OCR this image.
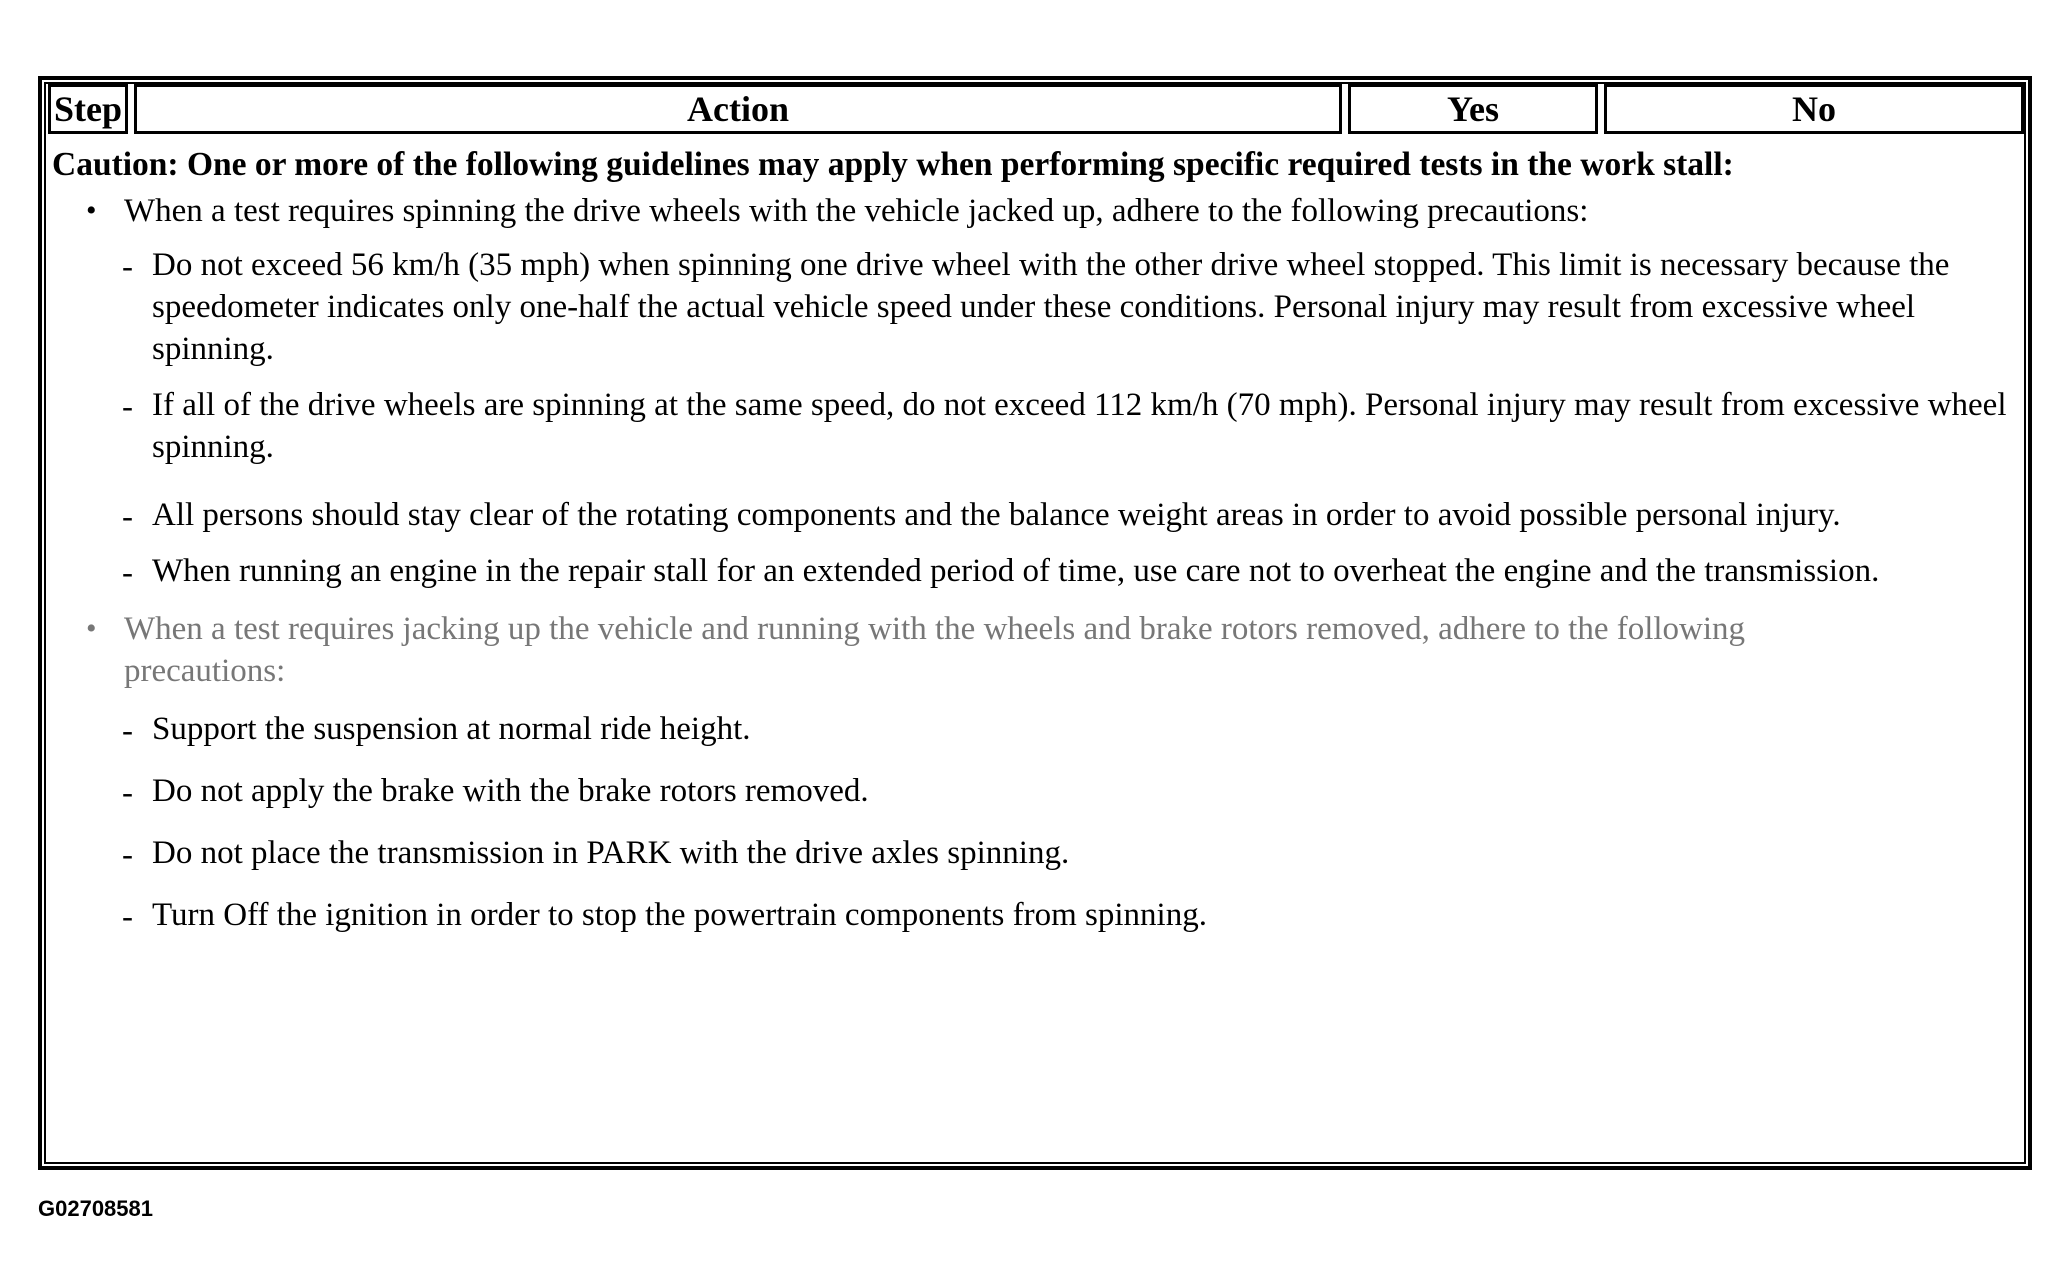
Step	Action	Yes	No
Caution: One or more of the following guidelines may apply when performing specific required tests in the work stall:
• When a test requires spinning the drive wheels with the vehicle jacked up, adhere to the following precautions:
- Do not exceed 56 km/h (35 mph) when spinning one drive wheel with the other drive wheel stopped. This limit is necessary because the speedometer indicates only one-half the actual vehicle speed under these conditions. Personal injury may result from excessive wheel spinning.
- If all of the drive wheels are spinning at the same speed, do not exceed 112 km/h (70 mph). Personal injury may result from excessive wheel spinning.
- All persons should stay clear of the rotating components and the balance weight areas in order to avoid possible personal injury.
- When running an engine in the repair stall for an extended period of time, use care not to overheat the engine and the transmission.
• When a test requires jacking up the vehicle and running with the wheels and brake rotors removed, adhere to the following precautions:
- Support the suspension at normal ride height.
- Do not apply the brake with the brake rotors removed.
- Do not place the transmission in PARK with the drive axles spinning.
- Turn Off the ignition in order to stop the powertrain components from spinning.
G02708581
